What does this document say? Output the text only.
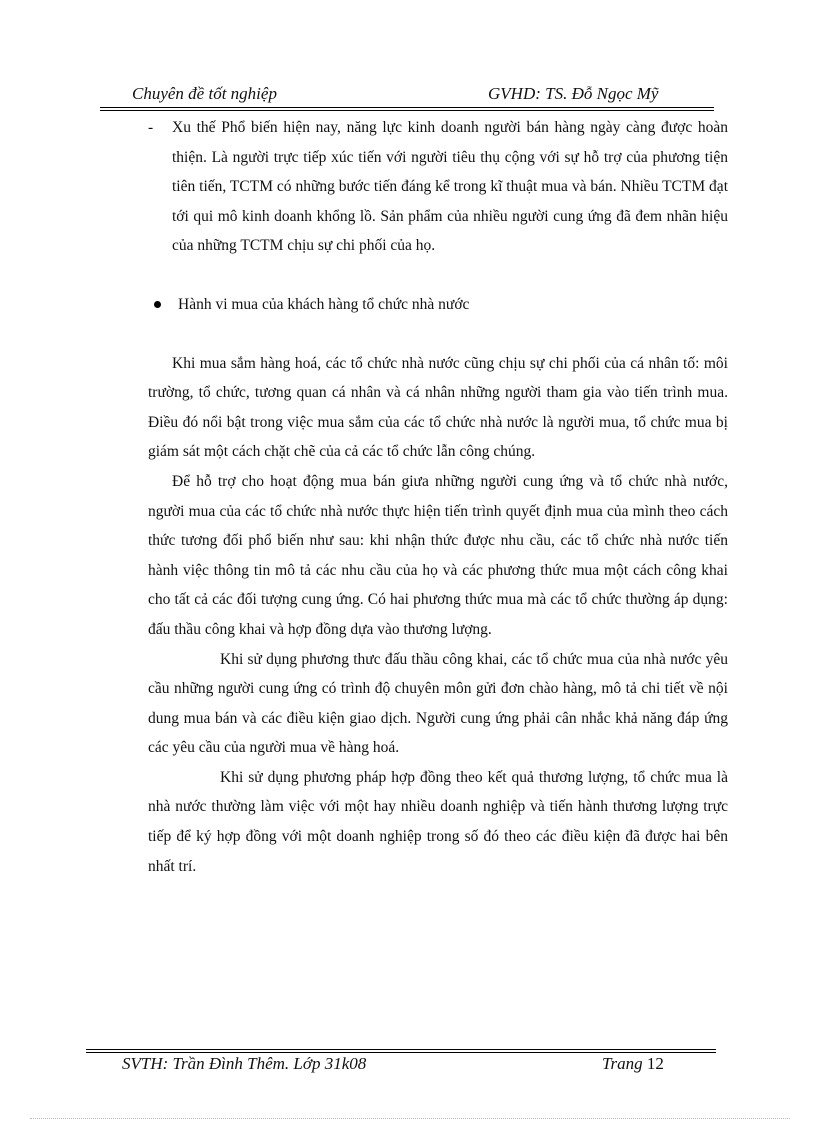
Chuyên đề tốt nghiệp	GVHD: TS. Đỗ Ngọc Mỹ
- Xu thế Phổ biến hiện nay, năng lực kinh doanh người bán hàng ngày càng được hoàn thiện. Là người trực tiếp xúc tiến với người tiêu thụ cộng với sự hỗ trợ của phương tiện tiên tiến, TCTM có những bước tiến đáng kể trong kĩ thuật mua và bán. Nhiều TCTM đạt tới qui mô kinh doanh khổng lồ. Sản phẩm của nhiều người cung ứng đã đem nhãn hiệu của những TCTM chịu sự chi phối của họ.
Hành vi mua của khách hàng tổ chức nhà nước

Khi mua sắm hàng hoá, các tổ chức nhà nước cũng chịu sự chi phối của cá nhân tố: môi trường, tổ chức, tương quan cá nhân và cá nhân những người tham gia vào tiến trình mua. Điều đó nổi bật trong việc mua sắm của các tổ chức nhà nước là người mua, tổ chức mua bị giám sát một cách chặt chẽ của cả các tổ chức lẫn công chúng.

Để hỗ trợ cho hoạt động mua bán giưa những người cung ứng và tổ chức nhà nước, người mua của các tổ chức nhà nước thực hiện tiến trình quyết định mua của mình theo cách thức tương đối phổ biến như sau: khi nhận thức được nhu cầu, các tổ chức nhà nước tiến hành việc thông tin mô tả các nhu cầu của họ và các phương thức mua một cách công khai cho tất cả các đối tượng cung ứng. Có hai phương thức mua mà các tổ chức thường áp dụng: đấu thầu công khai và hợp đồng dựa vào thương lượng.

Khi sử dụng phương thưc đấu thầu công khai, các tổ chức mua của nhà nước yêu cầu những người cung ứng có trình độ chuyên môn gửi đơn chào hàng, mô tả chi tiết về nội dung mua bán và các điều kiện giao dịch. Người cung ứng phải cân nhắc khả năng đáp ứng các yêu cầu của người mua về hàng hoá.

Khi sử dụng phương pháp hợp đồng theo kết quả thương lượng, tổ chức mua là nhà nước thường làm việc với một hay nhiều doanh nghiệp và tiến hành thương lượng trực tiếp để ký hợp đồng với một doanh nghiệp trong số đó theo các điều kiện đã được hai bên nhất trí.

SVTH: Trần Đình Thêm. Lớp 31k08	Trang 12
